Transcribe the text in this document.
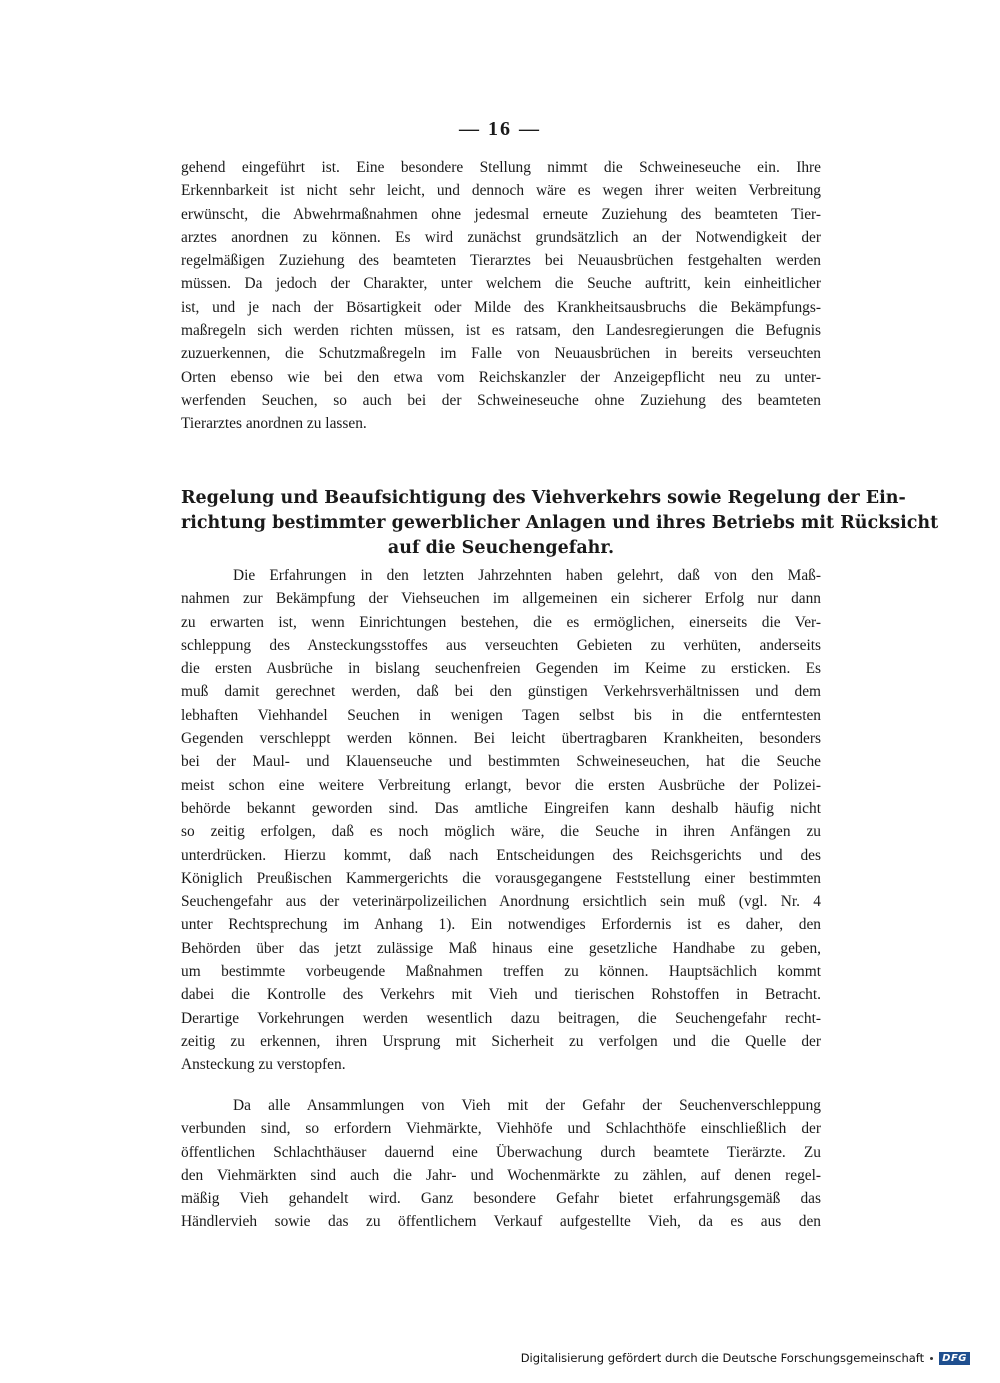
— 16 —
gehend eingeführt ist. Eine besondere Stellung nimmt die Schweineseuche ein. Ihre
Erkennbarkeit ist nicht sehr leicht, und dennoch wäre es wegen ihrer weiten Verbreitung
erwünscht, die Abwehrmaßnahmen ohne jedesmal erneute Zuziehung des beamteten Tier-
arztes anordnen zu können. Es wird zunächst grundsätzlich an der Notwendigkeit der
regelmäßigen Zuziehung des beamteten Tierarztes bei Neuausbrüchen festgehalten werden
müssen. Da jedoch der Charakter, unter welchem die Seuche auftritt, kein einheitlicher
ist, und je nach der Bösartigkeit oder Milde des Krankheitsausbruchs die Bekämpfungs-
maßregeln sich werden richten müssen, ist es ratsam, den Landesregierungen die Befugnis
zuzuerkennen, die Schutzmaßregeln im Falle von Neuausbrüchen in bereits verseuchten
Orten ebenso wie bei den etwa vom Reichskanzler der Anzeigepflicht neu zu unter-
werfenden Seuchen, so auch bei der Schweineseuche ohne Zuziehung des beamteten
Tierarztes anordnen zu lassen.
Regelung und Beaufsichtigung des Viehverkehrs sowie Regelung der Ein-
richtung bestimmter gewerblicher Anlagen und ihres Betriebs mit Rücksicht
auf die Seuchengefahr.
Die Erfahrungen in den letzten Jahrzehnten haben gelehrt, daß von den Maß-
nahmen zur Bekämpfung der Viehseuchen im allgemeinen ein sicherer Erfolg nur dann
zu erwarten ist, wenn Einrichtungen bestehen, die es ermöglichen, einerseits die Ver-
schleppung des Ansteckungsstoffes aus verseuchten Gebieten zu verhüten, anderseits
die ersten Ausbrüche in bislang seuchenfreien Gegenden im Keime zu ersticken. Es
muß damit gerechnet werden, daß bei den günstigen Verkehrsverhältnissen und dem
lebhaften Viehhandel Seuchen in wenigen Tagen selbst bis in die entferntesten
Gegenden verschleppt werden können. Bei leicht übertragbaren Krankheiten, besonders
bei der Maul- und Klauenseuche und bestimmten Schweineseuchen, hat die Seuche
meist schon eine weitere Verbreitung erlangt, bevor die ersten Ausbrüche der Polizei-
behörde bekannt geworden sind. Das amtliche Eingreifen kann deshalb häufig nicht
so zeitig erfolgen, daß es noch möglich wäre, die Seuche in ihren Anfängen zu
unterdrücken. Hierzu kommt, daß nach Entscheidungen des Reichsgerichts und des
Königlich Preußischen Kammergerichts die vorausgegangene Feststellung einer bestimmten
Seuchengefahr aus der veterinärpolizeilichen Anordnung ersichtlich sein muß (vgl. Nr. 4
unter Rechtsprechung im Anhang 1). Ein notwendiges Erfordernis ist es daher, den
Behörden über das jetzt zulässige Maß hinaus eine gesetzliche Handhabe zu geben,
um bestimmte vorbeugende Maßnahmen treffen zu können. Hauptsächlich kommt
dabei die Kontrolle des Verkehrs mit Vieh und tierischen Rohstoffen in Betracht.
Derartige Vorkehrungen werden wesentlich dazu beitragen, die Seuchengefahr recht-
zeitig zu erkennen, ihren Ursprung mit Sicherheit zu verfolgen und die Quelle der
Ansteckung zu verstopfen.
Da alle Ansammlungen von Vieh mit der Gefahr der Seuchenverschleppung
verbunden sind, so erfordern Viehmärkte, Viehhöfe und Schlachthöfe einschließlich der
öffentlichen Schlachthäuser dauernd eine Überwachung durch beamtete Tierärzte. Zu
den Viehmärkten sind auch die Jahr- und Wochenmärkte zu zählen, auf denen regel-
mäßig Vieh gehandelt wird. Ganz besondere Gefahr bietet erfahrungsgemäß das
Händlervieh sowie das zu öffentlichem Verkauf aufgestellte Vieh, da es aus den
Digitalisierung gefördert durch die Deutsche Forschungsgemeinschaft	DFG
